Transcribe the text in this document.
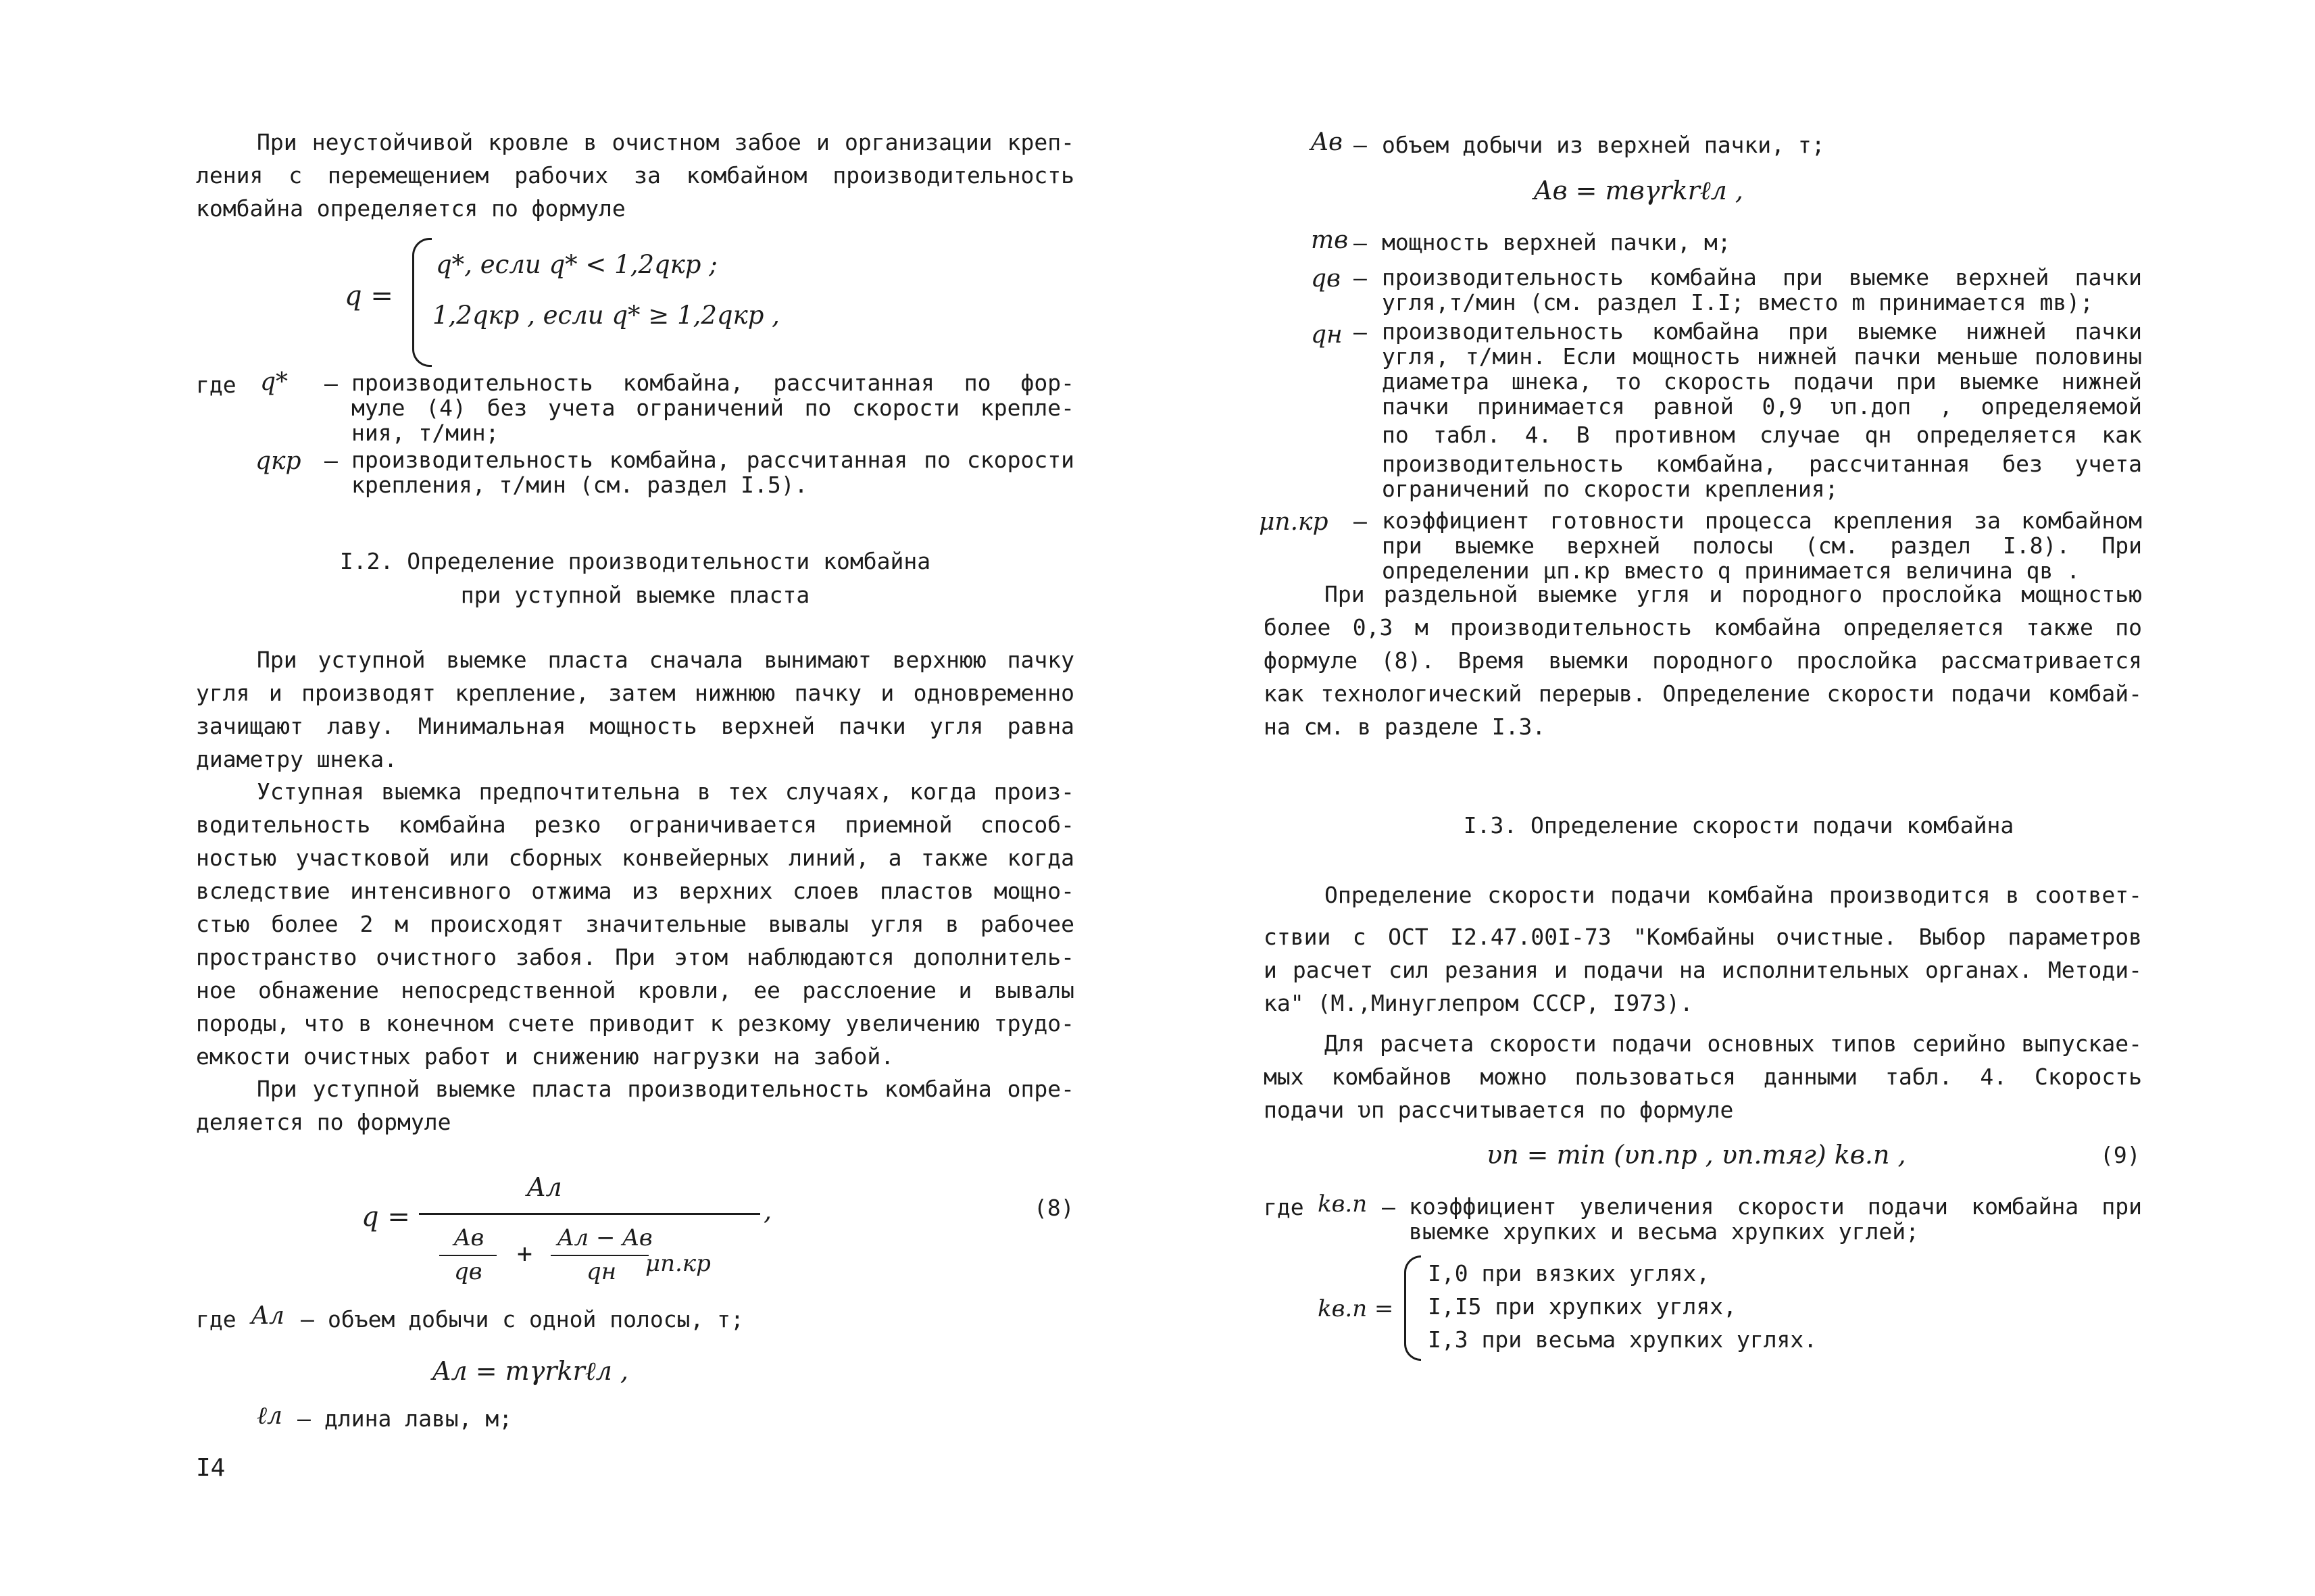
При неустойчивой кровле в очистном забое и организации креп-
ления с перемещением рабочих за комбайном производительность
комбайна определяется по формуле
q =
q*, если q* < 1,2qкр ;
1,2qкр , если q* ≥ 1,2qкр ,
где q* – производительность комбайна, рассчитанная по фор-
муле (4) без учета ограничений по скорости крепле-
ния, т/мин;
qкр – производительность комбайна, рассчитанная по скорости
крепления, т/мин (см. раздел I.5).
I.2. Определение производительности комбайна
при уступной выемке пласта
При уступной выемке пласта сначала вынимают верхнюю пачку
угля и производят крепление, затем нижнюю пачку и одновременно
зачищают лаву. Минимальная мощность верхней пачки угля равна
диаметру шнека.
Уступная выемка предпочтительна в тех случаях, когда произ-
водительность комбайна резко ограничивается приемной способ-
ностью участковой или сборных конвейерных линий, а также когда
вследствие интенсивного отжима из верхних слоев пластов мощно-
стью более 2 м происходят значительные вывалы угля в рабочее
пространство очистного забоя. При этом наблюдаются дополнитель-
ное обнажение непосредственной кровли, ее расслоение и вывалы
породы, что в конечном счете приводит к резкому увеличению трудо-
емкости очистных работ и снижению нагрузки на забой.
При уступной выемке пласта производительность комбайна опре-
деляется по формуле
q =
Aл
,
Aв
qв
+
Aл − Aв
qн μп.кр
(8)
где Aл – объем добычи с одной полосы, т;
Aл = mγrkrℓл ,
ℓл – длина лавы, м;
I4
Aв – объем добычи из верхней пачки, т;
Aв = mвγrkrℓл ,
mв – мощность верхней пачки, м;
qв – производительность комбайна при выемке верхней пачки
угля,т/мин (см. раздел I.I; вместо m принимается mв);
qн – производительность комбайна при выемке нижней пачки
угля, т/мин. Если мощность нижней пачки меньше половины
диаметра шнека, то скорость подачи при выемке нижней
пачки принимается равной 0,9 υп.доп , определяемой
по табл. 4. В противном случае qн определяется как
производительность комбайна, рассчитанная без учета
ограничений по скорости крепления;
μп.кр – коэффициент готовности процесса крепления за комбайном
при выемке верхней полосы (см. раздел I.8). При
определении μп.кр вместо q принимается величина qв .
При раздельной выемке угля и породного прослойка мощностью
более 0,3 м производительность комбайна определяется также по
формуле (8). Время выемки породного прослойка рассматривается
как технологический перерыв. Определение скорости подачи комбай-
на см. в разделе I.3.
I.3. Определение скорости подачи комбайна
Определение скорости подачи комбайна производится в соответ-
ствии с ОСТ I2.47.00I-73 "Комбайны очистные. Выбор параметров
и расчет сил резания и подачи на исполнительных органах. Методи-
ка" (М.,Минуглепром СССР, I973).
Для расчета скорости подачи основных типов серийно выпускае-
мых комбайнов можно пользоваться данными табл. 4. Скорость
подачи υп рассчитывается по формуле
υп = min (υп.пр , υп.тяг) kв.п ,	(9)
где kв.п – коэффициент увеличения скорости подачи комбайна при
выемке хрупких и весьма хрупких углей;
kв.п =
I,0 при вязких углях,
I,I5 при хрупких углях,
I,3 при весьма хрупких углях.
